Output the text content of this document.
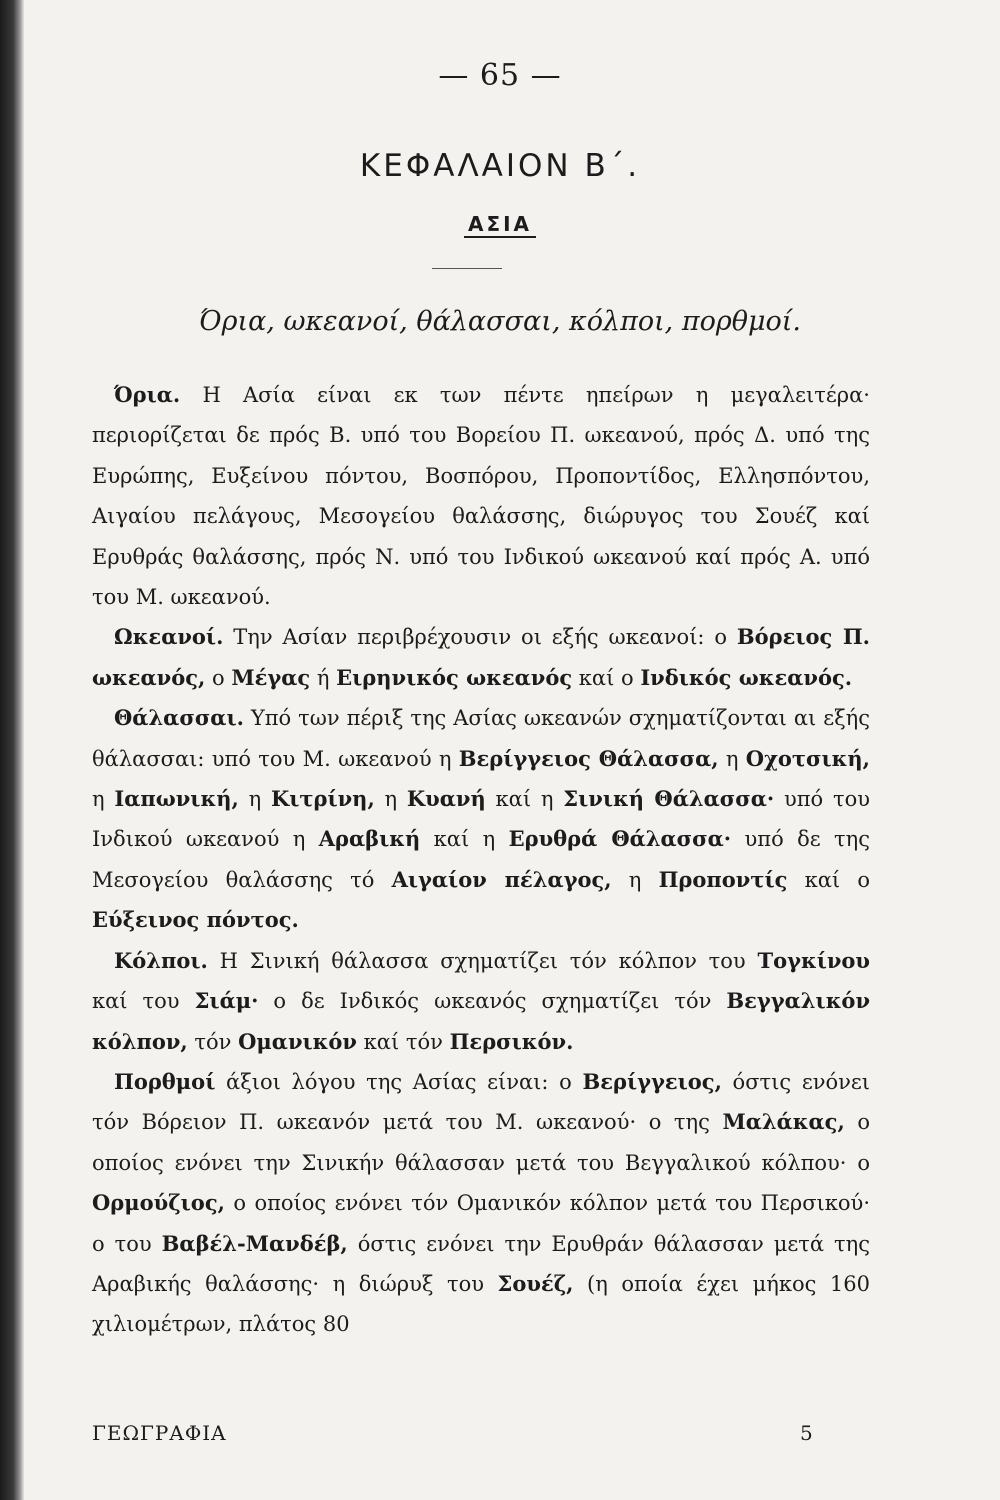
— 65 —
ΚΕΦΑΛΑΙΟΝ Β΄.
ΑΣΙΑ
Όρια, ωκεανοί, θάλασσαι, κόλποι, πορθμοί.

Όρια. Η Ασία είναι εκ των πέντε ηπείρων η μεγαλειτέρα· περιορίζεται δε πρός Β. υπό του Βορείου Π. ωκεανού, πρός Δ. υπό της Ευρώπης, Ευξείνου πόντου, Βοσπόρου, Προποντίδος, Ελλησπόντου, Αιγαίου πελάγους, Μεσογείου θαλάσσης, διώρυγος του Σουέζ καί Ερυθράς θαλάσσης, πρός Ν. υπό του Ινδικού ωκεανού καί πρός Α. υπό του Μ. ωκεανού.

Ωκεανοί. Την Ασίαν περιβρέχουσιν οι εξής ωκεανοί: ο Βόρειος Π. ωκεανός, ο Μέγας ή Ειρηνικός ωκεανός καί ο Ινδικός ωκεανός.

Θάλασσαι. Υπό των πέριξ της Ασίας ωκεανών σχηματίζονται αι εξής θάλασσαι: υπό του Μ. ωκεανού η Βερίγγειος Θάλασσα, η Οχοτσική, η Ιαπωνική, η Κιτρίνη, η Κυανή καί η Σινική Θάλασσα· υπό του Ινδικού ωκεανού η Αραβική καί η Ερυθρά Θάλασσα· υπό δε της Μεσογείου θαλάσσης τό Αιγαίον πέλαγος, η Προποντίς καί ο Εύξεινος πόντος.

Κόλποι. Η Σινική θάλασσα σχηματίζει τόν κόλπον του Τογκίνου καί του Σιάμ· ο δε Ινδικός ωκεανός σχηματίζει τόν Βεγγαλικόν κόλπον, τόν Ομανικόν καί τόν Περσικόν.

Πορθμοί άξιοι λόγου της Ασίας είναι: ο Βερίγγειος, όστις ενόνει τόν Βόρειον Π. ωκεανόν μετά του Μ. ωκεανού· ο της Μαλάκας, ο οποίος ενόνει την Σινικήν θάλασσαν μετά του Βεγγαλικού κόλπου· ο Ορμούζιος, ο οποίος ενόνει τόν Ομανικόν κόλπον μετά του Περσικού· ο του Βαβέλ-Μανδέβ, όστις ενόνει την Ερυθράν θάλασσαν μετά της Αραβικής θαλάσσης· η διώρυξ του Σουέζ, (η οποία έχει μήκος 160 χιλιομέτρων, πλάτος 80

ΓΕΩΓΡΑΦΙΑ	5
